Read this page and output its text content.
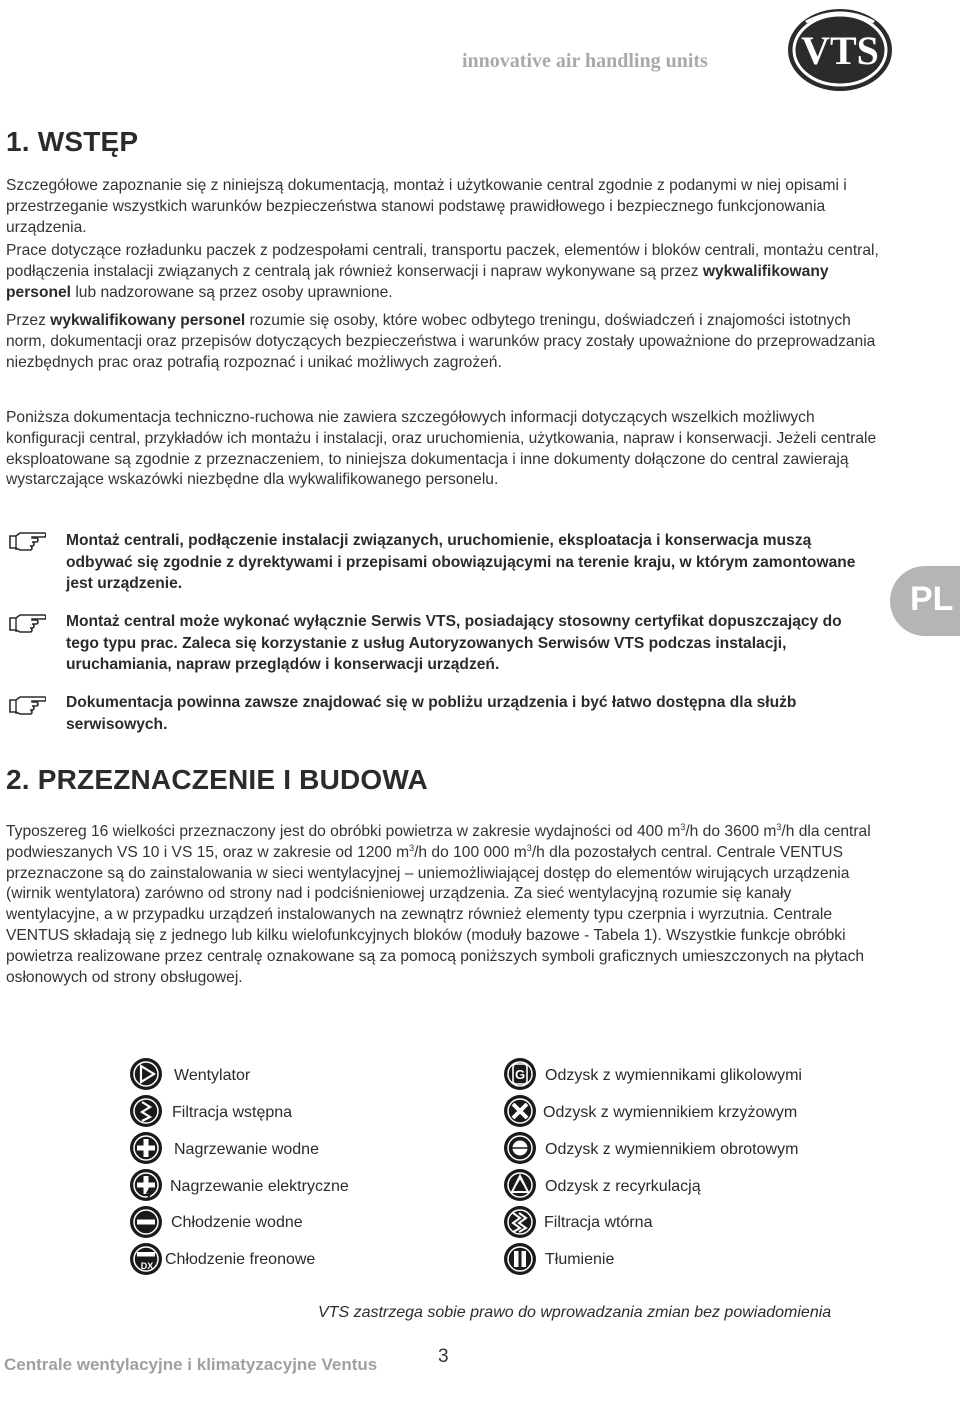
innovative air handling units VTS
1. WSTĘP

Szczegółowe zapoznanie się z niniejszą dokumentacją, montaż i użytkowanie central zgodnie z podanymi w niej opisami i przestrzeganie wszystkich warunków bezpieczeństwa stanowi podstawę prawidłowego i bezpiecznego funkcjonowania urządzenia.

Prace dotyczące rozładunku paczek z podzespołami centrali, transportu paczek, elementów i bloków centrali, montażu central, podłączenia instalacji związanych z centralą jak również konserwacji i napraw wykonywane są przez wykwalifikowany personel lub nadzorowane są przez osoby uprawnione.

Przez wykwalifikowany personel rozumie się osoby, które wobec odbytego treningu, doświadczeń i znajomości istotnych norm, dokumentacji oraz przepisów dotyczących bezpieczeństwa i warunków pracy zostały upoważnione do przeprowadzania niezbędnych prac oraz potrafią rozpoznać i unikać możliwych zagrożeń.

Poniższa dokumentacja techniczno-ruchowa nie zawiera szczegółowych informacji dotyczących wszelkich możliwych konfiguracji central, przykładów ich montażu i instalacji, oraz uruchomienia, użytkowania, napraw i konserwacji. Jeżeli centrale eksploatowane są zgodnie z przeznaczeniem, to niniejsza dokumentacja i inne dokumenty dołączone do central zawierają wystarczające wskazówki niezbędne dla wykwalifikowanego personelu.

Montaż centrali, podłączenie instalacji związanych, uruchomienie, eksploatacja i konserwacja muszą odbywać się zgodnie z dyrektywami i przepisami obowiązującymi na terenie kraju, w którym zamontowane jest urządzenie.

Montaż central może wykonać wyłącznie Serwis VTS, posiadający stosowny certyfikat dopuszczający do tego typu prac. Zaleca się korzystanie z usług Autoryzowanych Serwisów VTS podczas instalacji, uruchamiania, napraw przeglądów i konserwacji urządzeń.

Dokumentacja powinna zawsze znajdować się w pobliżu urządzenia i być łatwo dostępna dla służb serwisowych.

PL
2. PRZEZNACZENIE I BUDOWA

Typoszereg 16 wielkości przeznaczony jest do obróbki powietrza w zakresie wydajności od 400 $m^3/h$ do 3600 $m^3/h$ dla central podwieszanych VS 10 i VS 15, oraz w zakresie od 1200 $m^3/h$ do 100 000 $m^3/h$ dla pozostałych central. Centrale VENTUS przeznaczone są do zainstalowania w sieci wentylacyjnej – uniemożliwiającej dostęp do elementów wirujących urządzenia (wirnik wentylatora) zarówno od strony nad i podciśnieniowej urządzenia. Za sieć wentylacyjną rozumie się kanały wentylacyjne, a w przypadku urządzeń instalowanych na zewnątrz również elementy typu czerpnia i wyrzutnia. Centrale VENTUS składają się z jednego lub kilku wielofunkcyjnych bloków (moduły bazowe - Tabela 1). Wszystkie funkcje obróbki powietrza realizowane przez centralę oznakowane są za pomocą poniższych symboli graficznych umieszczonych na płytach osłonowych od strony obsługowej.

Wentylator
Filtracja wstępna
Nagrzewanie wodne
Nagrzewanie elektryczne
Chłodzenie wodne
DX Chłodzenie freonowe
G Odzysk z wymiennikami glikolowymi
Odzysk z wymiennikiem krzyżowym
Odzysk z wymiennikiem obrotowym
Odzysk z recyrkulacją
Filtracja wtórna
Tłumienie
VTS zastrzega sobie prawo do wprowadzania zmian bez powiadomienia
Centrale wentylacyjne i klimatyzacyjne Ventus	3
